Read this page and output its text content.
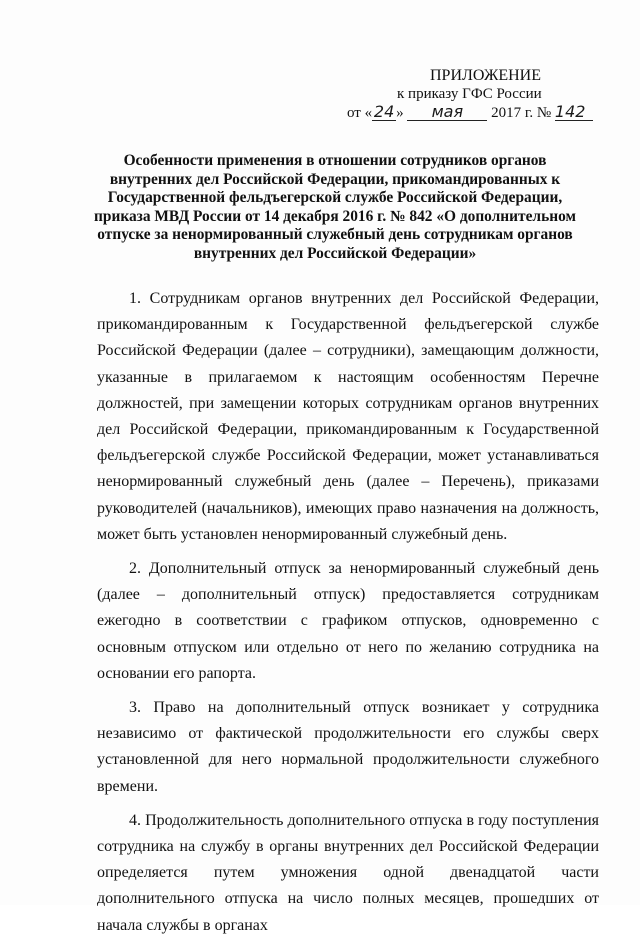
ПРИЛОЖЕНИЕ
к приказу ГФС России
от « 24 » мая 2017 г. № 142
Особенности применения в отношении сотрудников органов
внутренних дел Российской Федерации, прикомандированных к
Государственной фельдъегерской службе Российской Федерации,
приказа МВД России от 14 декабря 2016 г. № 842 «О дополнительном
отпуске за ненормированный служебный день сотрудникам органов
внутренних дел Российской Федерации»

1. Сотрудникам органов внутренних дел Российской Федерации, прикомандированным к Государственной фельдъегерской службе Российской Федерации (далее – сотрудники), замещающим должности, указанные в прилагаемом к настоящим особенностям Перечне должностей, при замещении которых сотрудникам органов внутренних дел Российской Федерации, прикомандированным к Государственной фельдъегерской службе Российской Федерации, может устанавливаться ненормированный служебный день (далее – Перечень), приказами руководителей (начальников), имеющих право назначения на должность, может быть установлен ненормированный служебный день.

2. Дополнительный отпуск за ненормированный служебный день (далее – дополнительный отпуск) предоставляется сотрудникам ежегодно в соответствии с графиком отпусков, одновременно с основным отпуском или отдельно от него по желанию сотрудника на основании его рапорта.

3. Право на дополнительный отпуск возникает у сотрудника независимо от фактической продолжительности его службы сверх установленной для него нормальной продолжительности служебного времени.

4. Продолжительность дополнительного отпуска в году поступления сотрудника на службу в органы внутренних дел Российской Федерации определяется путем умножения одной двенадцатой части дополнительного отпуска на число полных месяцев, прошедших от начала службы в органах
